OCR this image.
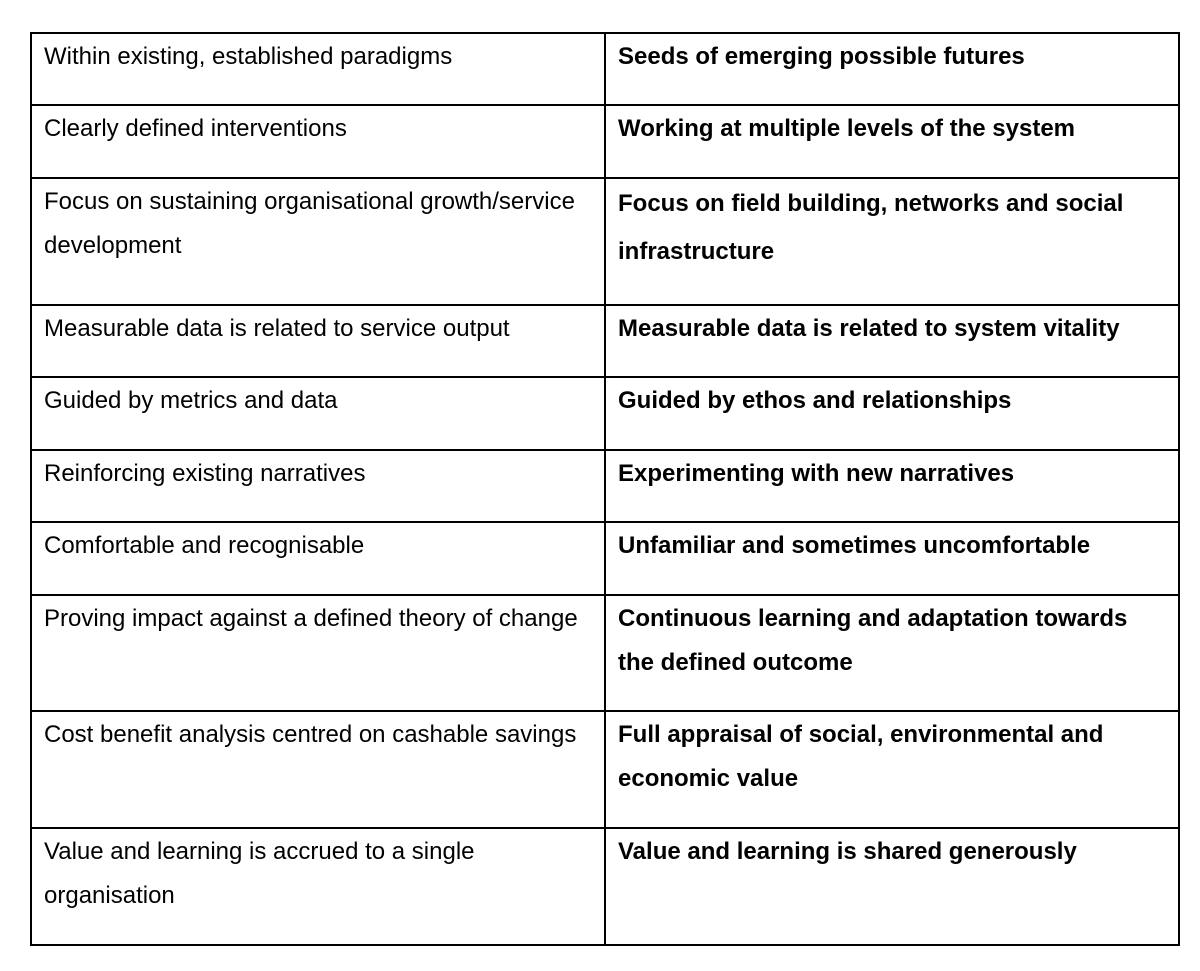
Within existing, established paradigms	Seeds of emerging possible futures

Clearly defined interventions	Working at multiple levels of the system

Focus on sustaining organisational growth/service development	Focus on field building, networks and social infrastructure

Measurable data is related to service output	Measurable data is related to system vitality

Guided by metrics and data	Guided by ethos and relationships

Reinforcing existing narratives	Experimenting with new narratives

Comfortable and recognisable	Unfamiliar and sometimes uncomfortable

Proving impact against a defined theory of change	Continuous learning and adaptation towards the defined outcome

Cost benefit analysis centred on cashable savings	Full appraisal of social, environmental and economic value

Value and learning is accrued to a single organisation	Value and learning is shared generously
